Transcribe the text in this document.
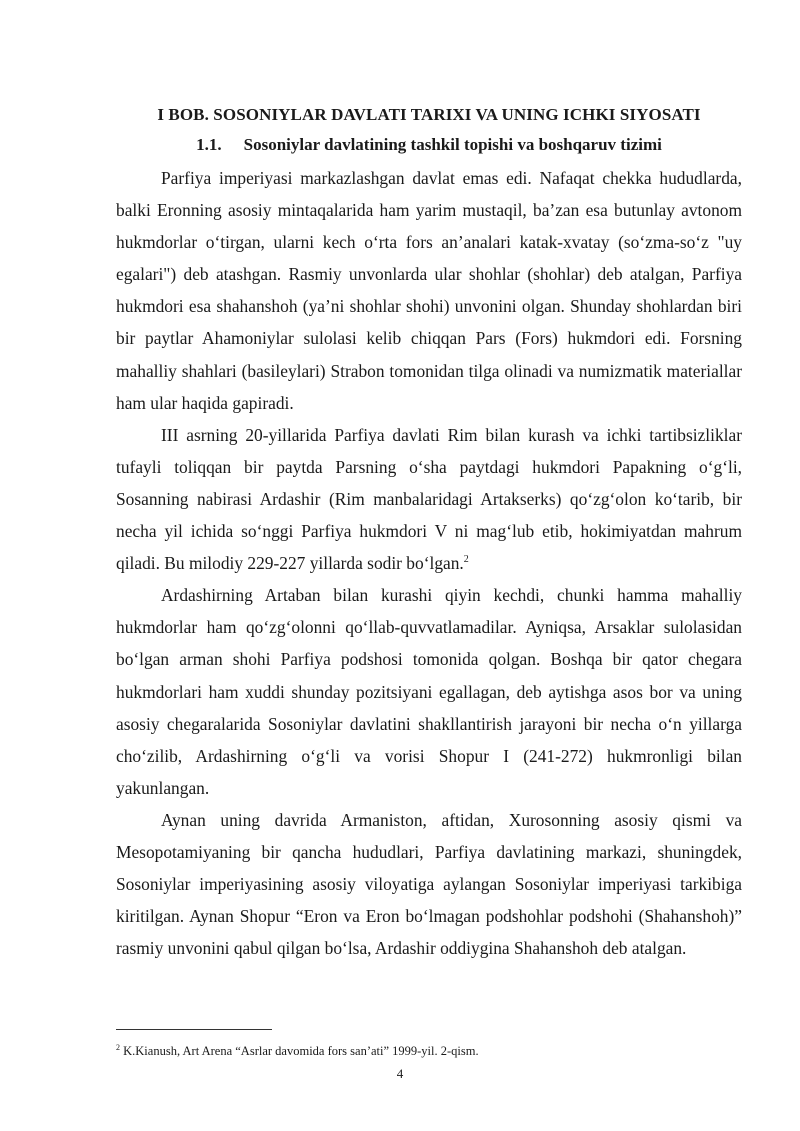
I BOB. SOSONIYLAR DAVLATI TARIXI VA UNING ICHKI SIYOSATI
1.1. Sosoniylar davlatining tashkil topishi va boshqaruv tizimi

Parfiya imperiyasi markazlashgan davlat emas edi. Nafaqat chekka hududlarda, balki Eronning asosiy mintaqalarida ham yarim mustaqil, ba’zan esa butunlay avtonom hukmdorlar o‘tirgan, ularni kech o‘rta fors an’analari katak-xvatay (so‘zma-so‘z "uy egalari") deb atashgan. Rasmiy unvonlarda ular shohlar (shohlar) deb atalgan, Parfiya hukmdori esa shahanshoh (ya’ni shohlar shohi) unvonini olgan. Shunday shohlardan biri bir paytlar Ahamoniylar sulolasi kelib chiqqan Pars (Fors) hukmdori edi. Forsning mahalliy shahlari (basileylari) Strabon tomonidan tilga olinadi va numizmatik materiallar ham ular haqida gapiradi.

III asrning 20-yillarida Parfiya davlati Rim bilan kurash va ichki tartibsizliklar tufayli toliqqan bir paytda Parsning o‘sha paytdagi hukmdori Papakning o‘g‘li, Sosanning nabirasi Ardashir (Rim manbalaridagi Artakserks) qo‘zg‘olon ko‘tarib, bir necha yil ichida so‘nggi Parfiya hukmdori V ni mag‘lub etib, hokimiyatdan mahrum qiladi. Bu milodiy 229-227 yillarda sodir bo‘lgan.$^2$

Ardashirning Artaban bilan kurashi qiyin kechdi, chunki hamma mahalliy hukmdorlar ham qo‘zg‘olonni qo‘llab-quvvatlamadilar. Ayniqsa, Arsaklar sulolasidan bo‘lgan arman shohi Parfiya podshosi tomonida qolgan. Boshqa bir qator chegara hukmdorlari ham xuddi shunday pozitsiyani egallagan, deb aytishga asos bor va uning asosiy chegaralarida Sosoniylar davlatini shakllantirish jarayoni bir necha o‘n yillarga cho‘zilib, Ardashirning o‘g‘li va vorisi Shopur I (241-272) hukmronligi bilan yakunlangan.

Aynan uning davrida Armaniston, aftidan, Xurosonning asosiy qismi va Mesopotamiyaning bir qancha hududlari, Parfiya davlatining markazi, shuningdek, Sosoniylar imperiyasining asosiy viloyatiga aylangan Sosoniylar imperiyasi tarkibiga kiritilgan. Aynan Shopur “Eron va Eron bo‘lmagan podshohlar podshohi (Shahanshoh)” rasmiy unvonini qabul qilgan bo‘lsa, Ardashir oddiygina Shahanshoh deb atalgan.

$^2$ K.Kianush, Art Arena “Asrlar davomida fors san’ati” 1999-yil. 2-qism.

4
